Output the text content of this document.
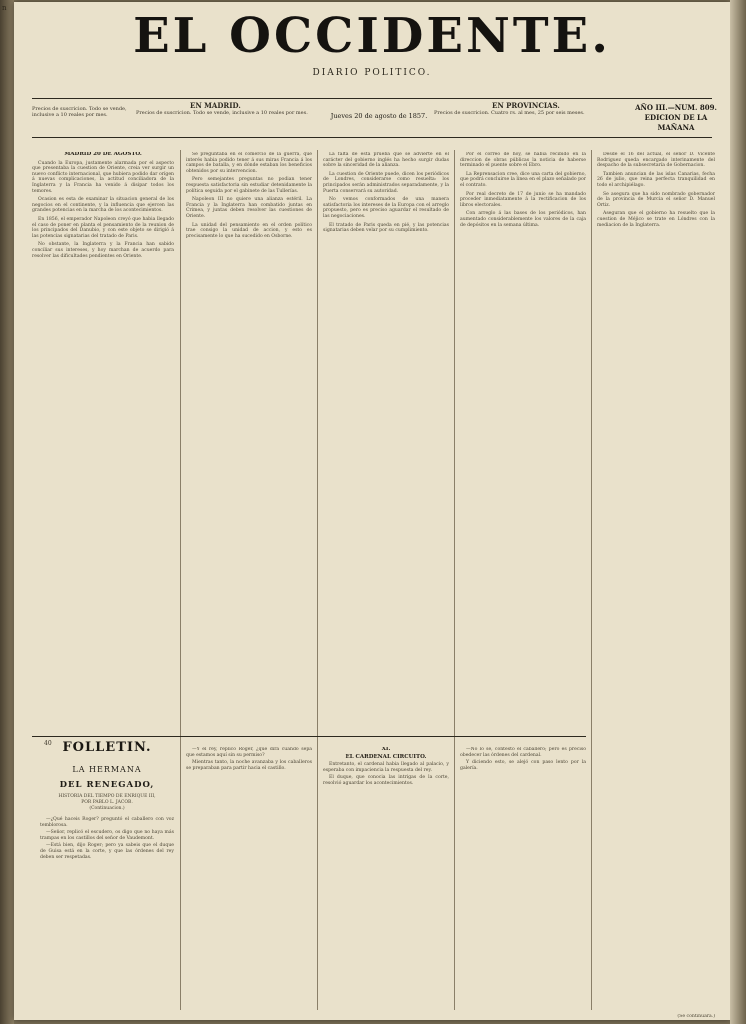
n	EL OCCIDENTE.
DIARIO POLITICO.
EN MADRID.	EN PROVINCIAS.
Precios de suscricion. Todo se vende, inclusive a 10 reales por mes.	Precios de suscricion. Todo se vende, inclusive a 10 reales por mes.	Precios de suscricion. Cuatro rs. al mes, 25 por seis meses.
Jueves 20 de agosto de 1857.
AÑO III.—NUM. 809.
EDICION DE LA MAÑANA

MADRID 20 DE AGOSTO.

Cuando la Europa, justamente alarmada por el aspecto que presentaba la cuestion de Oriente, creia ver surgir un nuevo conflicto internacional, que hubiera podido dar orígen á nuevas complicaciones, la actitud conciliadora de la Inglaterra y la Francia ha venido á disipar todos los temores.

Ocasion es esta de examinar la situacion general de los negocios en el continente, y la influencia que ejercen las grandes potencias en la marcha de los acontecimientos.

En 1856, el emperador Napoleon creyó que habia llegado el caso de poner en planta el pensamiento de la reunion de los principados del Danubio, y con este objeto se dirigió á las potencias signatarias del tratado de Paris.

No obstante, la Inglaterra y la Francia han sabido conciliar sus intereses, y hoy marchan de acuerdo para resolver las dificultades pendientes en Oriente.

Se preguntaba en el comercio de la guerra, qué interés habia podido tener á sus miras Francia á los campos de batalla, y en dónde estaban los beneficios obtenidos por su intervencion.

Pero semejantes preguntas no podian tener respuesta satisfactoria sin estudiar detenidamente la política seguida por el gabinete de las Tullerías.

Napoleon III no quiere una alianza estéril. La Francia y la Inglaterra han combatido juntas en Crimea, y juntas deben resolver las cuestiones de Oriente.

La unidad del pensamiento en el orden político trae consigo la unidad de accion, y esto es precisamente lo que ha sucedido en Osborne.

La falta de esta prueba que se advierte en el carácter del gobierno inglés ha hecho surgir dudas sobre la sinceridad de la alianza.

La cuestion de Oriente puede, dicen los periódicos de Londres, considerarse como resuelta: los principados serán administrados separadamente, y la Puerta conservará su autoridad.

No vemos conformados de una manera satisfactoria los intereses de la Europa con el arreglo propuesto, pero es preciso aguardar el resultado de las negociaciones.

El tratado de Paris queda en pié, y las potencias signatarias deben velar por su cumplimiento.

Por el correo de hoy, se habia recibido en la direccion de obras públicas la noticia de haberse terminado el puente sobre el Ebro.

La Reprensacion cree, dice una carta del gobierno, que podrá concluirse la linea en el plazo señalado por el contrato.

Por real decreto de 17 de junio se ha mandado proceder inmediatamente á la rectificacion de los libros electorales.

Con arreglo á las bases de los periódicos, han aumentado considerablemente los valores de la caja de depósitos en la semana última.

Desde el 16 del actual, el señor D. Vicente Rodriguez queda encargado interinamente del despacho de la subsecretaría de Gobernacion.

Tambien anuncian de las islas Canarias, fecha 26 de julio, que reina perfecta tranquilidad en todo el archipiélago.

Se asegura que ha sido nombrado gobernador de la provincia de Murcia el señor D. Manuel Ortiz.

Aseguran que el gobierno ha resuelto que la cuestion de Méjico se trate en Lóndres con la mediacion de la Inglaterra.

40 FOLLETIN.
LA HERMANA
DEL RENEGADO,
HISTORIA DEL TIEMPO DE ENRIQUE III,
POR PABLO L. JACOB.
(Continuacion.)

—¿Qué haceis Roger? preguntó el caballero con voz temblorosa.

—Señor, replicó el escudero, os digo que no haya más trampas en los castillos del señor de Vaudemont.

—Está bien, dijo Roger; pero ya sabeis que el duque de Guisa está en la corte, y que las órdenes del rey deben ser respetadas.

—Y el rey, replicó Roger, ¿qué dirá cuando sepa que estamos aquí sin su permiso?

Mientras tanto, la noche avanzaba y los caballeros se preparaban para partir hacia el castillo.

XI.

EL CARDENAL CIRCUITO.

Entretanto, el cardenal habia llegado al palacio, y esperaba con impaciencia la respuesta del rey.

El duque, que conocia las intrigas de la corte, resolvió aguardar los acontecimientos.

—No lo sé, contestó el caballero; pero es preciso obedecer las órdenes del cardenal.

Y diciendo esto, se alejó con paso lento por la galería.

(Se continuará.)
